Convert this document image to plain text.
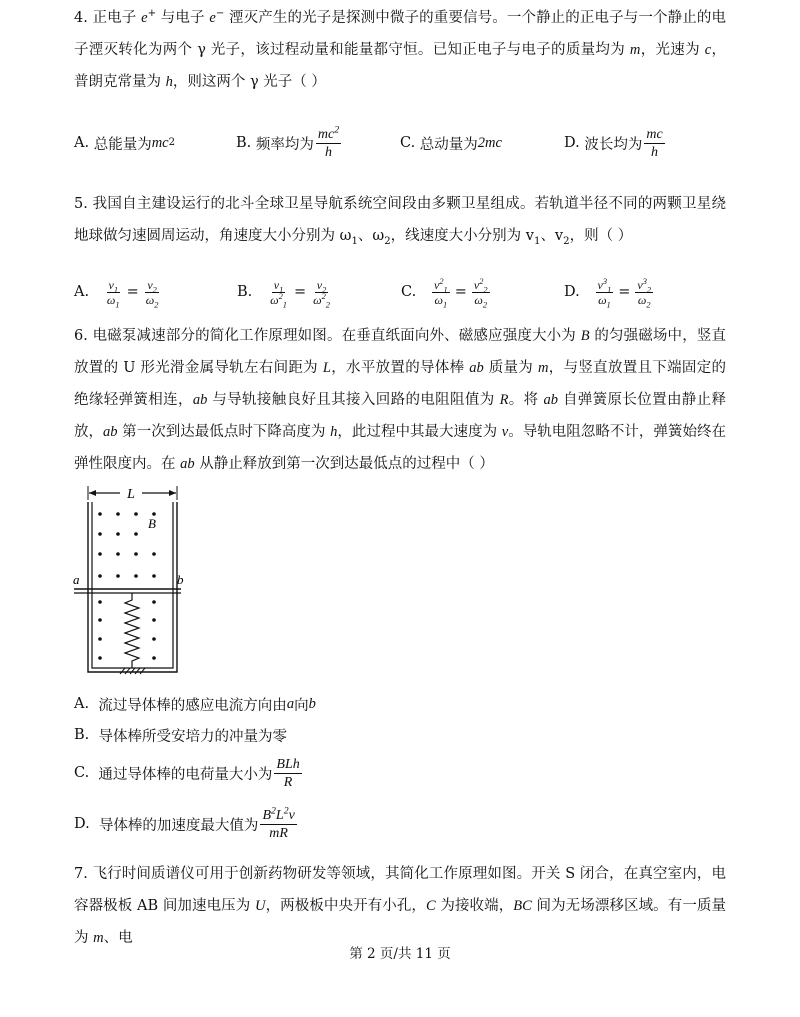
4. 正电子 e+ 与电子 e− 湮灭产生的光子是探测中微子的重要信号。一个静止的正电子与一个静止的电子湮灭转化为两个 γ 光子，该过程动量和能量都守恒。已知正电子与电子的质量均为 m，光速为 c，普朗克常量为 h，则这两个 γ 光子（ ）

A.
总能量为 mc 2	B.
频率均为 $\frac{mc^2}{h}$	C.
总动量为 2mc	D.
波长均为 $\frac{mc}{h}$

5. 我国自主建设运行的北斗全球卫星导航系统空间段由多颗卫星组成。若轨道半径不同的两颗卫星绕地球做匀速圆周运动，角速度大小分别为 $\omega_1$、$\omega_2$，线速度大小分别为 $v_1$、$v_2$，则（ ）

A.
$\frac{v_1}{\omega_1} = \frac{v_2}{\omega_2}$	B.
$\frac{v_1}{\omega^2_1} = \frac{v_2}{\omega^2_2}$	C.
$\frac{v^2_1}{\omega_1} = \frac{v^2_2}{\omega_2}$	D.
$\frac{v^3_1}{\omega_1} = \frac{v^3_2}{\omega_2}$

6. 电磁泵减速部分的简化工作原理如图。在垂直纸面向外、磁感应强度大小为 B 的匀强磁场中，竖直放置的 U 形光滑金属导轨左右间距为 L，水平放置的导体棒 ab 质量为 m，与竖直放置且下端固定的绝缘轻弹簧相连，ab 与导轨接触良好且其接入回路的电阻阻值为 R。将 ab 自弹簧原长位置由静止释放，ab 第一次到达最低点时下降高度为 h，此过程中其最大速度为 v。导轨电阻忽略不计，弹簧始终在弹性限度内。在 ab 从静止释放到第一次到达最低点的过程中（ ）

L
a	b
B
A.
流过导体棒的感应电流方向由 a 向 b
B.
导体棒所受安培力的冲量为零
C.
通过导体棒的电荷量大小为 $\frac{\text{BLh}}{R}$
D.
导体棒的加速度最大值为 $\frac{B^2L^2v}{mR}$

7. 飞行时间质谱仪可用于创新药物研发等领域，其简化工作原理如图。开关 S 闭合，在真空室内，电容器极板 AB 间加速电压为 U，两极板中央开有小孔，C 为接收端，BC 间为无场漂移区域。有一质量为 m、电

第 2 页/共 11 页
